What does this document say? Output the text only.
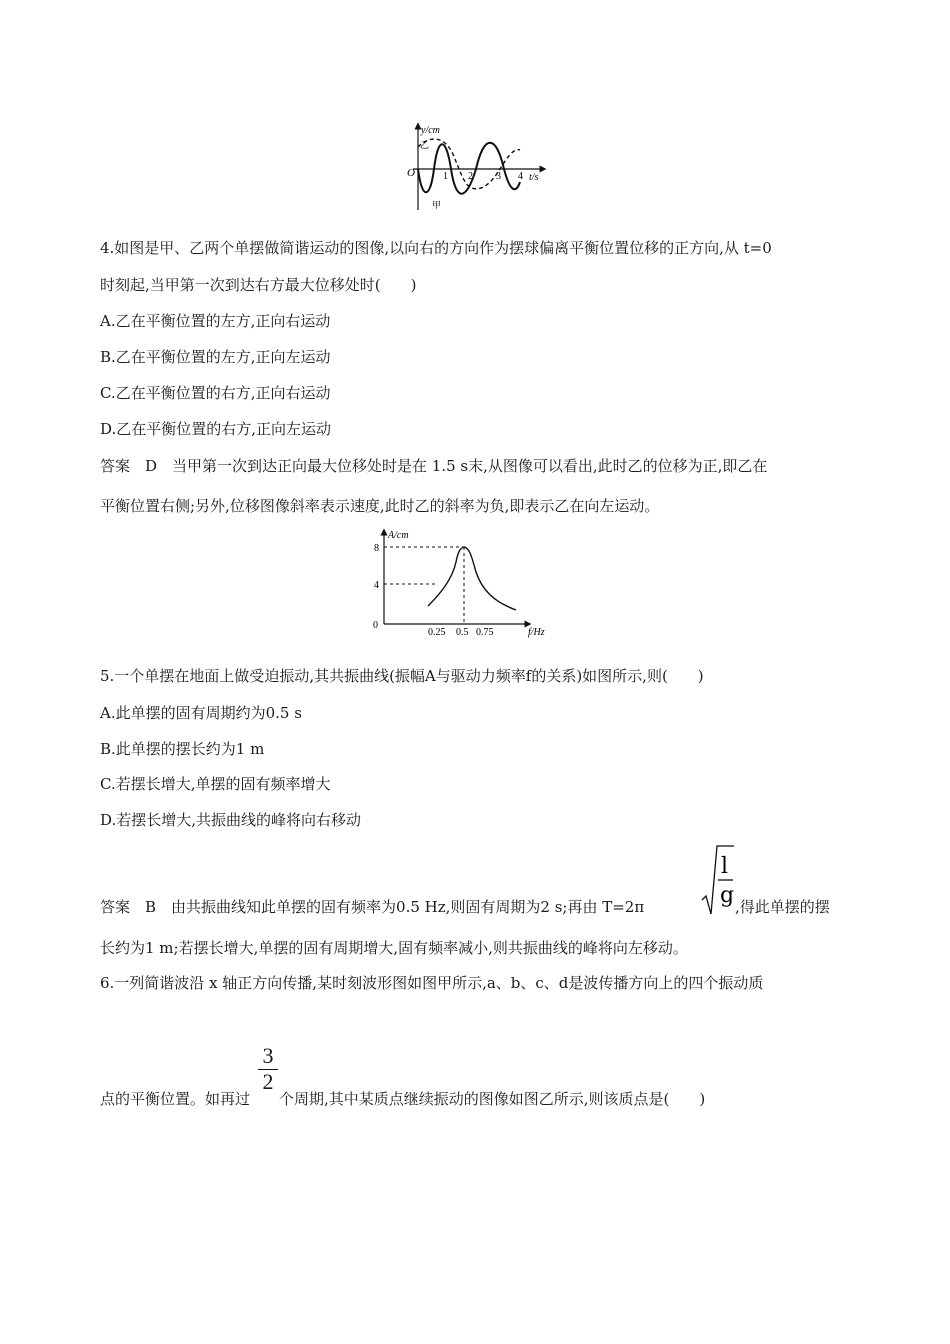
y/cm
t/s
O	1 2 3 4
乙
甲
4.如图是甲、乙两个单摆做简谐运动的图像,以向右的方向作为摆球偏离平衡位置位移的正方向,从 t=0
时刻起,当甲第一次到达右方最大位移处时(　　)
A.乙在平衡位置的左方,正向右运动
B.乙在平衡位置的左方,正向左运动
C.乙在平衡位置的右方,正向右运动
D.乙在平衡位置的右方,正向左运动
答案　D　当甲第一次到达正向最大位移处时是在 1.5 s末,从图像可以看出,此时乙的位移为正,即乙在
平衡位置右侧;另外,位移图像斜率表示速度,此时乙的斜率为负,即表示乙在向左运动。
A/cm
f/Hz
0
8
4
0.25 0.5 0.75
5.一个单摆在地面上做受迫振动,其共振曲线(振幅A与驱动力频率f的关系)如图所示,则(　　)
A.此单摆的固有周期约为0.5 s
B.此单摆的摆长约为1 m
C.若摆长增大,单摆的固有频率增大
D.若摆长增大,共振曲线的峰将向右移动
答案　B　由共振曲线知此单摆的固有频率为0.5 Hz,则固有周期为2 s;再由 T=2π
l
g ,得此单摆的摆
长约为1 m;若摆长增大,单摆的固有周期增大,固有频率减小,则共振曲线的峰将向左移动。
6.一列简谐波沿 x 轴正方向传播,某时刻波形图如图甲所示,a、b、c、d是波传播方向上的四个振动质
点的平衡位置。如再过
3
2
个周期,其中某质点继续振动的图像如图乙所示,则该质点是(　　)
